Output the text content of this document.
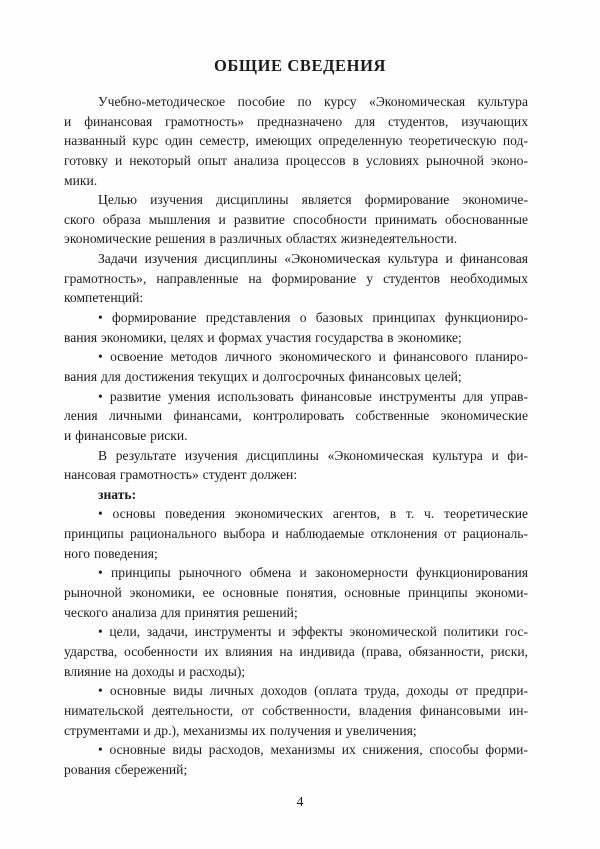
ОБЩИЕ СВЕДЕНИЯ
Учебно-методическое пособие по курсу «Экономическая культура
и финансовая грамотность» предназначено для студентов, изучающих
названный курс один семестр, имеющих определенную теоретическую под-
готовку и некоторый опыт анализа процессов в условиях рыночной эконо-
мики.
Целью изучения дисциплины является формирование экономиче-
ского образа мышления и развитие способности принимать обоснованные
экономические решения в различных областях жизнедеятельности.
Задачи изучения дисциплины «Экономическая культура и финансовая
грамотность», направленные на формирование у студентов необходимых
компетенций:
• формирование представления о базовых принципах функциониро-
вания экономики, целях и формах участия государства в экономике;
• освоение методов личного экономического и финансового планиро-
вания для достижения текущих и долгосрочных финансовых целей;
• развитие умения использовать финансовые инструменты для управ-
ления личными финансами, контролировать собственные экономические
и финансовые риски.
В результате изучения дисциплины «Экономическая культура и фи-
нансовая грамотность» студент должен:
знать:
• основы поведения экономических агентов, в т. ч. теоретические
принципы рационального выбора и наблюдаемые отклонения от рациональ-
ного поведения;
• принципы рыночного обмена и закономерности функционирования
рыночной экономики, ее основные понятия, основные принципы экономи-
ческого анализа для принятия решений;
• цели, задачи, инструменты и эффекты экономической политики гос-
ударства, особенности их влияния на индивида (права, обязанности, риски,
влияние на доходы и расходы);
• основные виды личных доходов (оплата труда, доходы от предпри-
нимательской деятельности, от собственности, владения финансовыми ин-
струментами и др.), механизмы их получения и увеличения;
• основные виды расходов, механизмы их снижения, способы форми-
рования сбережений;
4
